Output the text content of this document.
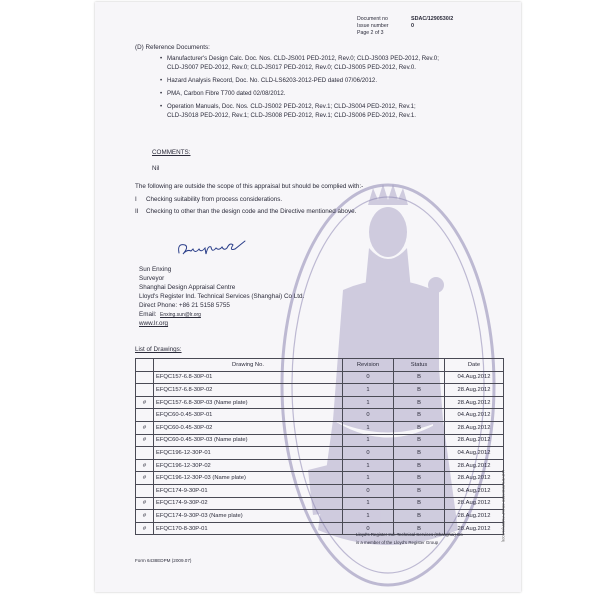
Document no	SDAC/1290530/2
Issue number	0
Page 2 of 3
(D) Reference Documents:
• Manufacturer's Design Calc. Doc. Nos. CLD-JS001 PED-2012, Rev.0; CLD-JS003 PED-2012, Rev.0;
CLD-JS007 PED-2012, Rev.0; CLD-JS017 PED-2012, Rev.0; CLD-JS005 PED-2012, Rev.0.
• Hazard Analysis Record, Doc. No. CLD-LS6203-2012-PED dated 07/06/2012.
• PMA, Carbon Fibre T700 dated 02/08/2012.
• Operation Manuals, Doc. Nos. CLD-JS002 PED-2012, Rev.1; CLD-JS004 PED-2012, Rev.1;
CLD-JS018 PED-2012, Rev.1; CLD-JS008 PED-2012, Rev.1; CLD-JS006 PED-2012, Rev.1.
COMMENTS:
Nil
The following are outside the scope of this appraisal but should be complied with:-
I Checking suitability from process considerations.
II Checking to other than the design code and the Directive mentioned above.
Sun Enxing
Surveyor
Shanghai Design Appraisal Centre
Lloyd's Register Ind. Technical Services (Shanghai) Co Ltd.
Direct Phone: +86 21 5158 5755
Email: Enxing.sun@lr.org
www.lr.org
List of Drawings:
	Drawing No.	Revision	Status	Date
	EFQC157-6.8-30P-01	0	B	04.Aug.2012
	EFQC157-6.8-30P-02	1	B	28.Aug.2012
#	EFQC157-6.8-30P-03 (Name plate)	1	B	28.Aug.2012
	EFQC60-0.45-30P-01	0	B	04.Aug.2012
#	EFQC60-0.45-30P-02	1	B	28.Aug.2012
#	EFQC60-0.45-30P-03 (Name plate)	1	B	28.Aug.2012
	EFQC196-12-30P-01	0	B	04.Aug.2012
#	EFQC196-12-30P-02	1	B	28.Aug.2012
#	EFQC196-12-30P-03 (Name plate)	1	B	28.Aug.2012
	EFQC174-9-30P-01	0	B	04.Aug.2012
#	EFQC174-9-30P-02	1	B	28.Aug.2012
#	EFQC174-9-30P-03 (Name plate)	1	B	28.Aug.2012
#	EFQC170-8-30P-01	0	B	28.Aug.2012
Lloyd's Register Ind. Technical Services (Shanghai) Co
is a member of the Lloyd's Register Group
Form 6438EDPM (2009.07)
LLOYD'S REGISTER GROUP PAPER(01/2009)
